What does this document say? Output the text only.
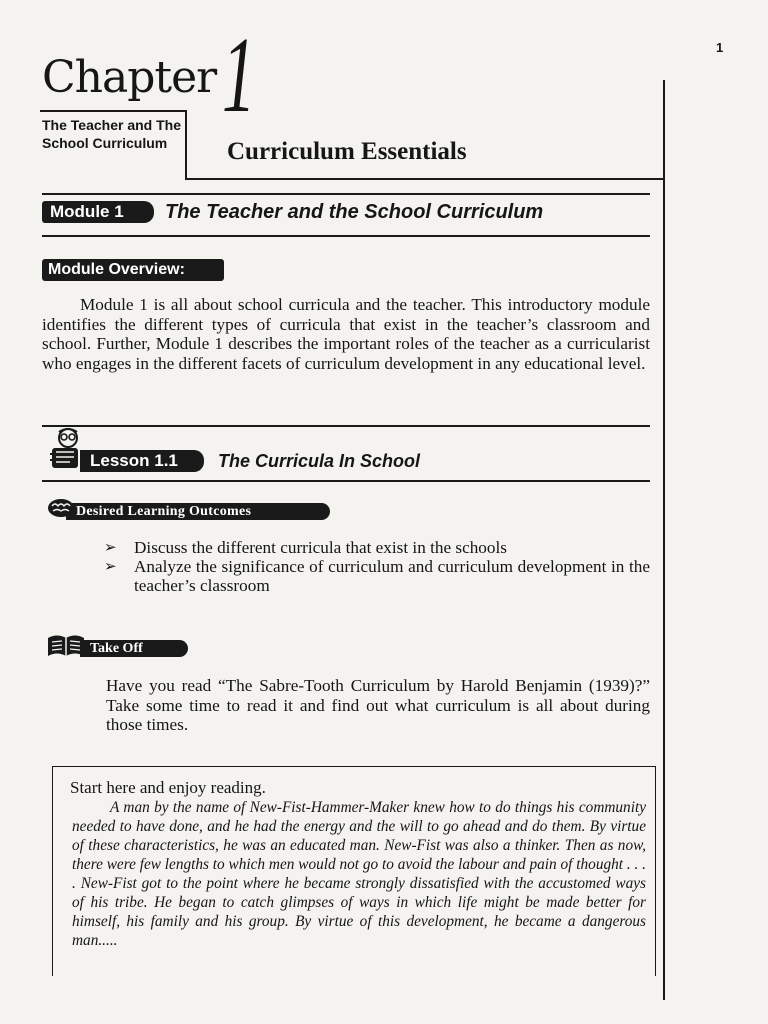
1
Chapter 1
The Teacher and The School Curriculum	Curriculum Essentials
Module 1	The Teacher and the School Curriculum
Module Overview:

Module 1 is all about school curricula and the teacher. This introductory module identifies the different types of curricula that exist in the teacher’s classroom and school. Further, Module 1 describes the important roles of the teacher as a curricularist who engages in the different facets of curriculum development in any educational level.

Lesson 1.1	The Curricula In School
Desired Learning Outcomes
➢ Discuss the different curricula that exist in the schools
➢ Analyze the significance of curriculum and curriculum development in the teacher’s classroom
Take Off

Have you read “The Sabre-Tooth Curriculum by Harold Benjamin (1939)?” Take some time to read it and find out what curriculum is all about during those times.

Start here and enjoy reading.

A man by the name of New-Fist-Hammer-Maker knew how to do things his community needed to have done, and he had the energy and the will to go ahead and do them. By virtue of these characteristics, he was an educated man. New-Fist was also a thinker. Then as now, there were few lengths to which men would not go to avoid the labour and pain of thought . . . . New-Fist got to the point where he became strongly dissatisfied with the accustomed ways of his tribe. He began to catch glimpses of ways in which life might be made better for himself, his family and his group. By virtue of this development, he became a dangerous man.....
